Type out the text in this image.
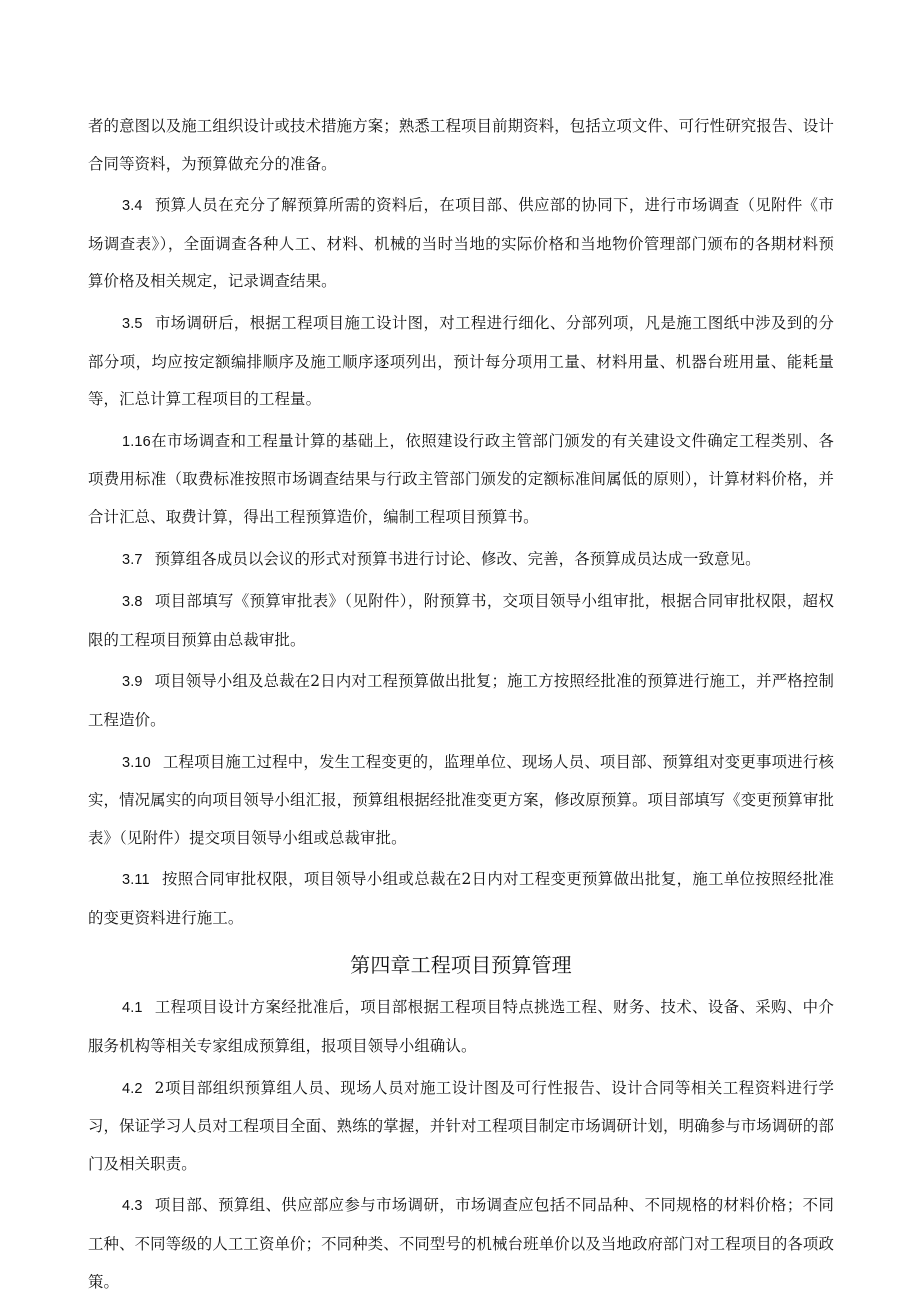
者的意图以及施工组织设计或技术措施方案；熟悉工程项目前期资料，包括立项文件、可行性研究报告、设计合同等资料，为预算做充分的准备。

3.4 预算人员在充分了解预算所需的资料后，在项目部、供应部的协同下，进行市场调查（见附件《市场调查表》），全面调查各种人工、材料、机械的当时当地的实际价格和当地物价管理部门颁布的各期材料预算价格及相关规定，记录调查结果。

3.5 市场调研后，根据工程项目施工设计图，对工程进行细化、分部列项，凡是施工图纸中涉及到的分部分项，均应按定额编排顺序及施工顺序逐项列出，预计每分项用工量、材料用量、机器台班用量、能耗量等，汇总计算工程项目的工程量。

1.16在市场调查和工程量计算的基础上，依照建设行政主管部门颁发的有关建设文件确定工程类别、各项费用标准（取费标准按照市场调查结果与行政主管部门颁发的定额标准间属低的原则），计算材料价格，并合计汇总、取费计算，得出工程预算造价，编制工程项目预算书。

3.7 预算组各成员以会议的形式对预算书进行讨论、修改、完善，各预算成员达成一致意见。

3.8 项目部填写《预算审批表》（见附件），附预算书，交项目领导小组审批，根据合同审批权限，超权限的工程项目预算由总裁审批。

3.9 项目领导小组及总裁在2日内对工程预算做出批复；施工方按照经批准的预算进行施工，并严格控制工程造价。

3.10 工程项目施工过程中，发生工程变更的，监理单位、现场人员、项目部、预算组对变更事项进行核实，情况属实的向项目领导小组汇报，预算组根据经批准变更方案，修改原预算。项目部填写《变更预算审批表》（见附件）提交项目领导小组或总裁审批。

3.11 按照合同审批权限，项目领导小组或总裁在2日内对工程变更预算做出批复，施工单位按照经批准的变更资料进行施工。

第四章工程项目预算管理

4.1 工程项目设计方案经批准后，项目部根据工程项目特点挑选工程、财务、技术、设备、采购、中介服务机构等相关专家组成预算组，报项目领导小组确认。

4.2 2项目部组织预算组人员、现场人员对施工设计图及可行性报告、设计合同等相关工程资料进行学习，保证学习人员对工程项目全面、熟练的掌握，并针对工程项目制定市场调研计划，明确参与市场调研的部门及相关职责。

4.3 项目部、预算组、供应部应参与市场调研，市场调查应包括不同品种、不同规格的材料价格；不同工种、不同等级的人工工资单价；不同种类、不同型号的机械台班单价以及当地政府部门对工程项目的各项政策。
